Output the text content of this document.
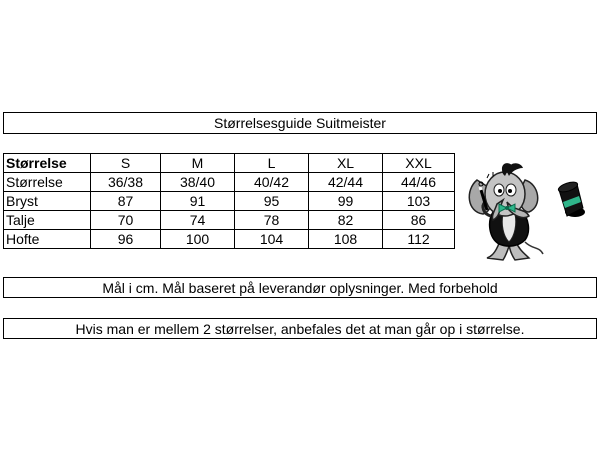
Størrelsesguide Suitmeister
Størrelse	S	M	L	XL	XXL
Størrelse	36/38	38/40	40/42	42/44	44/46
Bryst	87	91	95	99	103
Talje	70	74	78	82	86
Hofte	96	100	104	108	112
Mål i cm. Mål baseret på leverandør oplysninger. Med forbehold
Hvis man er mellem 2 størrelser, anbefales det at man går op i størrelse.
